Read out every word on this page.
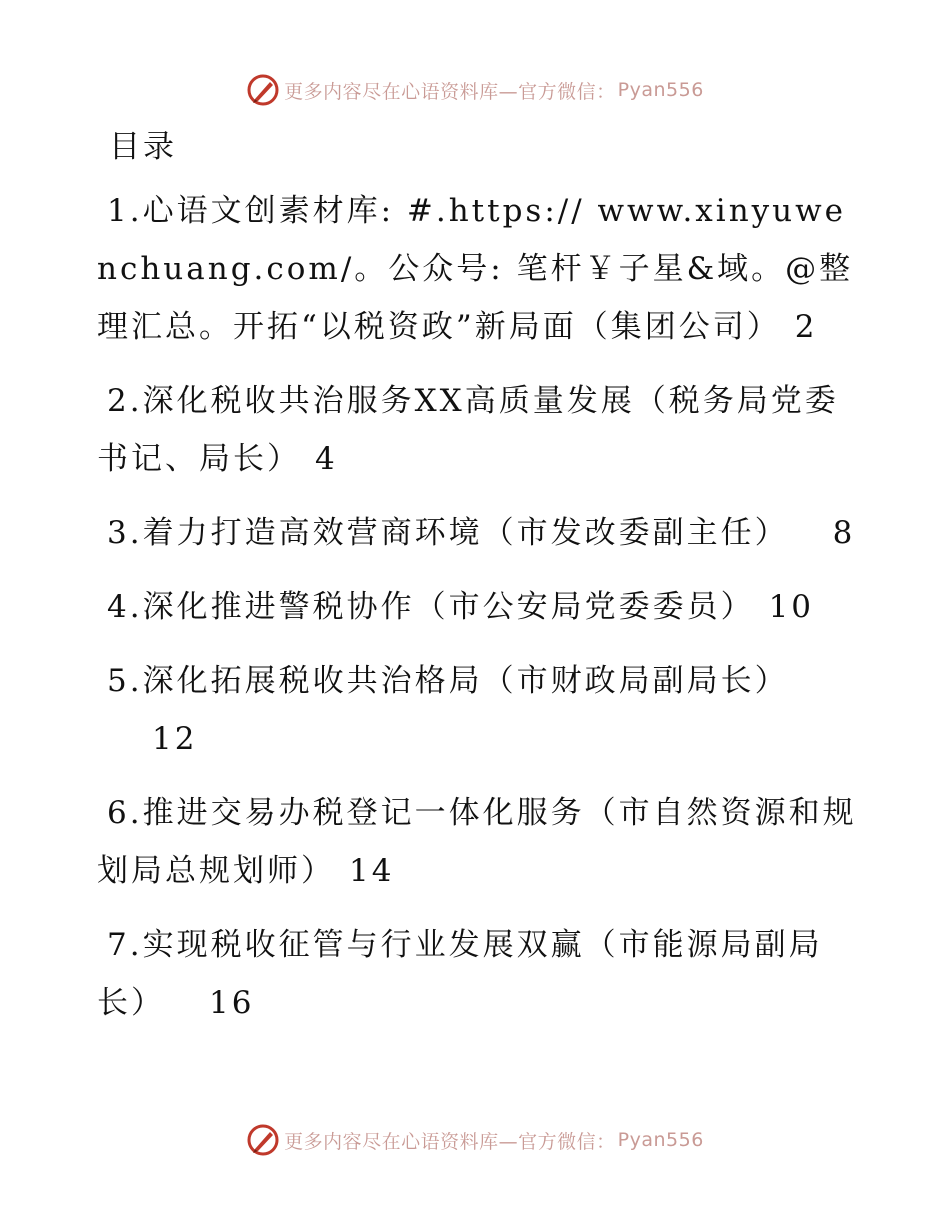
更多内容尽在心语资料库—官方微信： Pyan556
目录
1.心语文创素材库: #.https:// www.xinyuwenchuang.com/。公众号: 笔杆￥子星&域。@整理汇总。开拓“以税资政”新局面（集团公司） 2
2.深化税收共治服务XX高质量发展（税务局党委书记、局长） 4
3.着力打造高效营商环境（市发改委副主任） 8
4.深化推进警税协作（市公安局党委委员） 10
5.深化拓展税收共治格局（市财政局副局长）
12
6.推进交易办税登记一体化服务（市自然资源和规划局总规划师） 14
7.实现税收征管与行业发展双赢（市能源局副局长） 16
更多内容尽在心语资料库—官方微信： Pyan556
